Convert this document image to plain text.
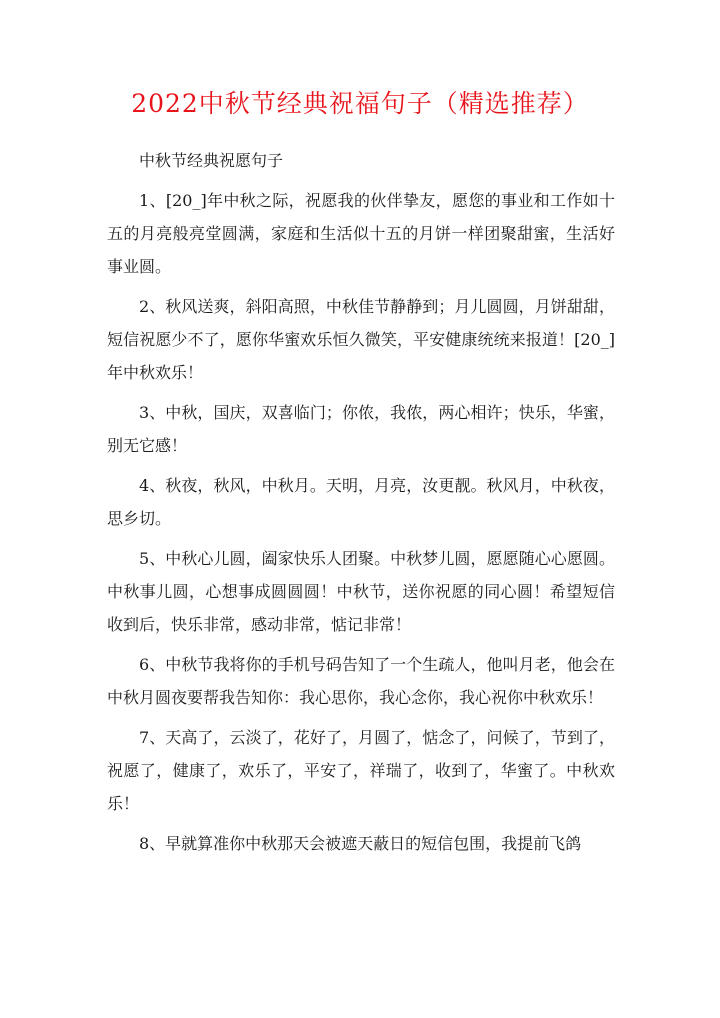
2022中秋节经典祝福句子（精选推荐）

中秋节经典祝愿句子

1、[20_]年中秋之际，祝愿我的伙伴挚友，愿您的事业和工作如十五的月亮般亮堂圆满，家庭和生活似十五的月饼一样团聚甜蜜，生活好事业圆。

2、秋风送爽，斜阳高照，中秋佳节静静到；月儿圆圆，月饼甜甜，短信祝愿少不了，愿你华蜜欢乐恒久微笑，平安健康统统来报道！[20_]年中秋欢乐！

3、中秋，国庆，双喜临门；你侬，我侬，两心相许；快乐，华蜜，别无它感！

4、秋夜，秋风，中秋月。天明，月亮，汝更靓。秋风月，中秋夜，思乡切。

5、中秋心儿圆，阖家快乐人团聚。中秋梦儿圆，愿愿随心心愿圆。中秋事儿圆，心想事成圆圆圆！中秋节，送你祝愿的同心圆！希望短信收到后，快乐非常，感动非常，惦记非常！

6、中秋节我将你的手机号码告知了一个生疏人，他叫月老，他会在中秋月圆夜要帮我告知你：我心思你，我心念你，我心祝你中秋欢乐！

7、天高了，云淡了，花好了，月圆了，惦念了，问候了，节到了，祝愿了，健康了，欢乐了，平安了，祥瑞了，收到了，华蜜了。中秋欢乐！

8、早就算准你中秋那天会被遮天蔽日的短信包围，我提前飞鸽
